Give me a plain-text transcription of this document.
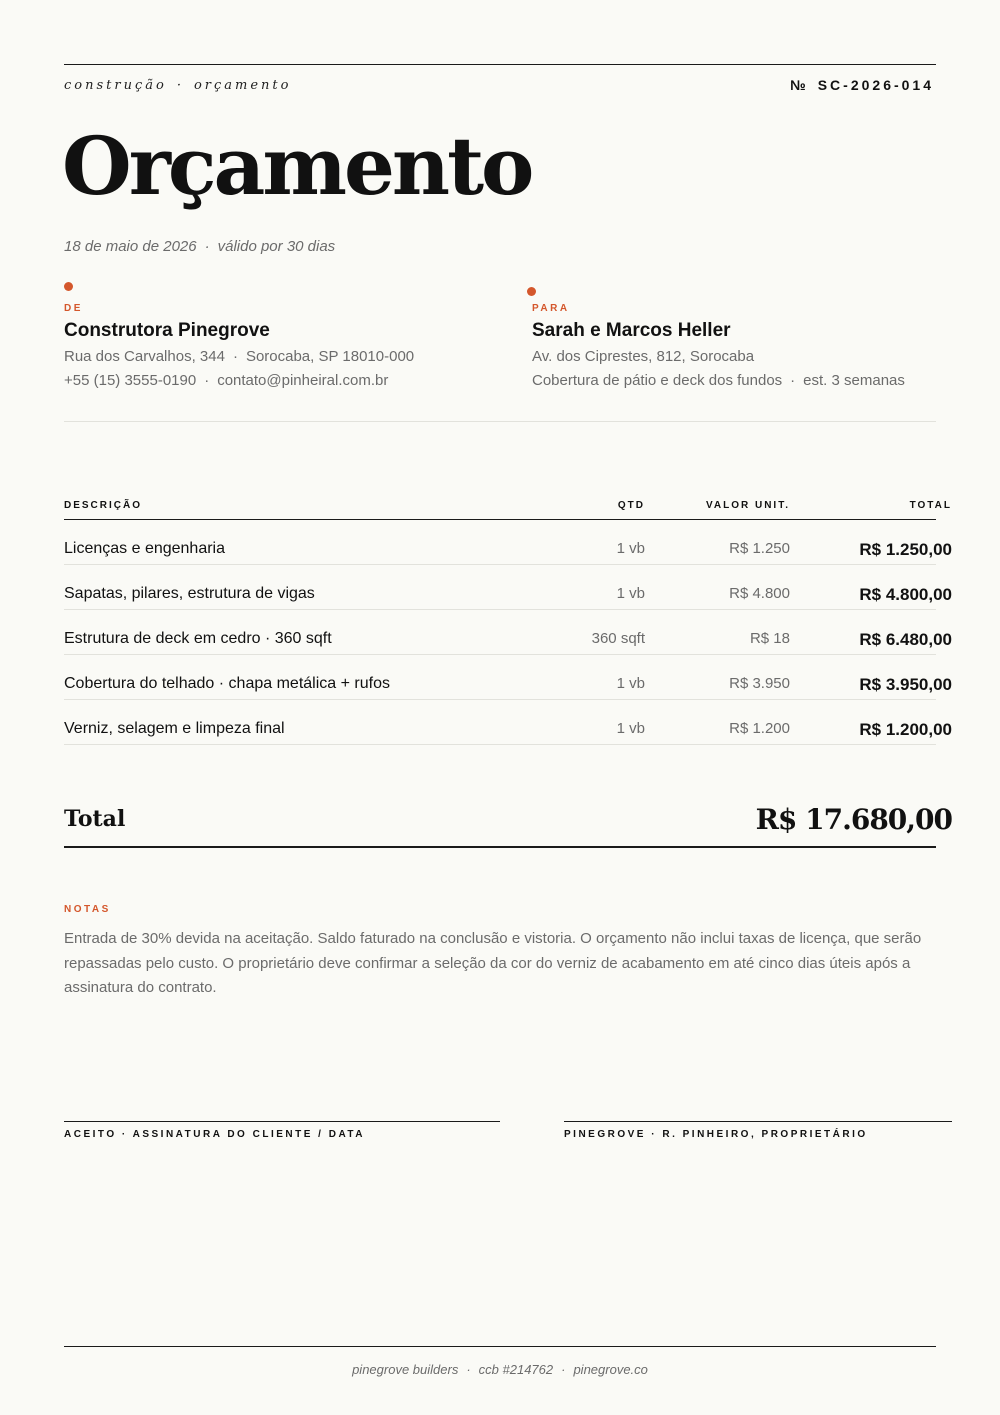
construção · orçamento	№ SC-2026-014
Orçamento
18 de maio de 2026 · válido por 30 dias
DE
Construtora Pinegrove
Rua dos Carvalhos, 344 · Sorocaba, SP 18010-000
+55 (15) 3555-0190 · contato@pinheiral.com.br
PARA
Sarah e Marcos Heller
Av. dos Ciprestes, 812, Sorocaba
Cobertura de pátio e deck dos fundos · est. 3 semanas
DESCRIÇÃO	QTD	VALOR UNIT.	TOTAL
Licenças e engenharia	1 vb	R$ 1.250	R$ 1.250,00
Sapatas, pilares, estrutura de vigas	1 vb	R$ 4.800	R$ 4.800,00
Estrutura de deck em cedro · 360 sqft	360 sqft	R$ 18	R$ 6.480,00
Cobertura do telhado · chapa metálica + rufos	1 vb	R$ 3.950	R$ 3.950,00
Verniz, selagem e limpeza final	1 vb	R$ 1.200	R$ 1.200,00
Total	R$ 17.680,00
NOTAS

Entrada de 30% devida na aceitação. Saldo faturado na conclusão e vistoria. O orçamento não inclui taxas de licença, que serão repassadas pelo custo. O proprietário deve confirmar a seleção da cor do verniz de acabamento em até cinco dias úteis após a assinatura do contrato.

ACEITO · ASSINATURA DO CLIENTE / DATA	PINEGROVE · R. PINHEIRO, PROPRIETÁRIO
pinegrove builders · ccb #214762 · pinegrove.co
